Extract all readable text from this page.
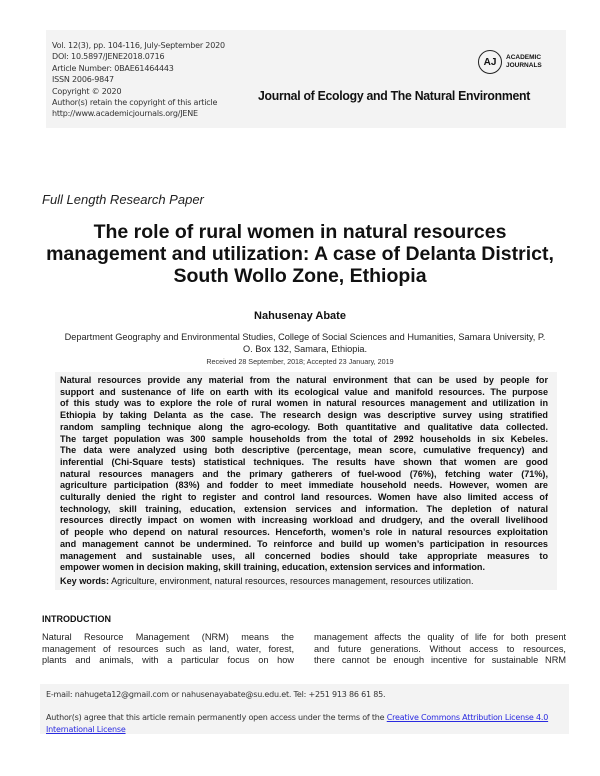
Vol. 12(3), pp. 104-116, July-September 2020
DOI: 10.5897/JENE2018.0716
Article Number: 0BAE61464443
ISSN 2006-9847
Copyright © 2020
Author(s) retain the copyright of this article
http://www.academicjournals.org/JENE
AJ	ACADEMIC
JOURNALS
Journal of Ecology and The Natural Environment
Full Length Research Paper
The role of rural women in natural resources
management and utilization: A case of Delanta District,
South Wollo Zone, Ethiopia
Nahusenay Abate
Department Geography and Environmental Studies, College of Social Sciences and Humanities, Samara University, P.
O. Box 132, Samara, Ethiopia.
Received 28 September, 2018; Accepted 23 January, 2019
Natural resources provide any material from the natural environment that can be used by people for
support and sustenance of life on earth with its ecological value and manifold resources. The purpose
of this study was to explore the role of rural women in natural resources management and utilization in
Ethiopia by taking Delanta as the case. The research design was descriptive survey using stratified
random sampling technique along the agro-ecology. Both quantitative and qualitative data collected.
The target population was 300 sample households from the total of 2992 households in six Kebeles.
The data were analyzed using both descriptive (percentage, mean score, cumulative frequency) and
inferential (Chi-Square tests) statistical techniques. The results have shown that women are good
natural resources managers and the primary gatherers of fuel-wood (76%), fetching water (71%),
agriculture participation (83%) and fodder to meet immediate household needs. However, women are
culturally denied the right to register and control land resources. Women have also limited access of
technology, skill training, education, extension services and information. The depletion of natural
resources directly impact on women with increasing workload and drudgery, and the overall livelihood
of people who depend on natural resources. Henceforth, women’s role in natural resources exploitation
and management cannot be undermined. To reinforce and build up women’s participation in resources
management and sustainable uses, all concerned bodies should take appropriate measures to
empower women in decision making, skill training, education, extension services and information.
Key words: Agriculture, environment, natural resources, resources management, resources utilization.
INTRODUCTION
Natural Resource Management (NRM) means the
management of resources such as land, water, forest,
plants and animals, with a particular focus on how
management affects the quality of life for both present
and future generations. Without access to resources,
there cannot be enough incentive for sustainable NRM
E-mail: nahugeta12@gmail.com or nahusenayabate@su.edu.et. Tel: +251 913 86 61 85.
Author(s) agree that this article remain permanently open access under the terms of the Creative Commons Attribution License 4.0 International License
